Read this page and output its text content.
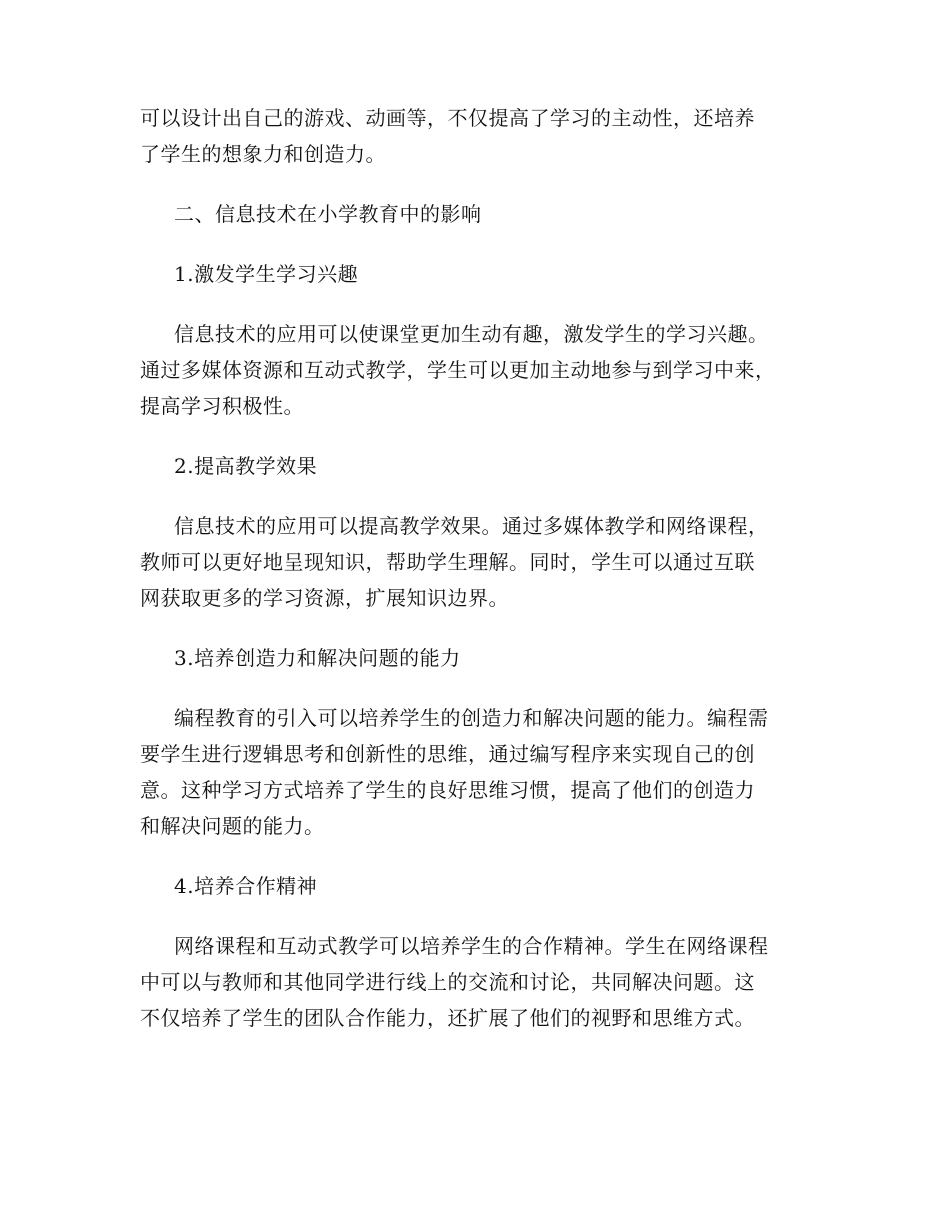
可以设计出自己的游戏、动画等，不仅提高了学习的主动性，还培养
了学生的想象力和创造力。
二、信息技术在小学教育中的影响
1.激发学生学习兴趣
信息技术的应用可以使课堂更加生动有趣，激发学生的学习兴趣。
通过多媒体资源和互动式教学，学生可以更加主动地参与到学习中来，
提高学习积极性。
2.提高教学效果
信息技术的应用可以提高教学效果。通过多媒体教学和网络课程，
教师可以更好地呈现知识，帮助学生理解。同时，学生可以通过互联
网获取更多的学习资源，扩展知识边界。
3.培养创造力和解决问题的能力
编程教育的引入可以培养学生的创造力和解决问题的能力。编程需
要学生进行逻辑思考和创新性的思维，通过编写程序来实现自己的创
意。这种学习方式培养了学生的良好思维习惯，提高了他们的创造力
和解决问题的能力。
4.培养合作精神
网络课程和互动式教学可以培养学生的合作精神。学生在网络课程
中可以与教师和其他同学进行线上的交流和讨论，共同解决问题。这
不仅培养了学生的团队合作能力，还扩展了他们的视野和思维方式。
